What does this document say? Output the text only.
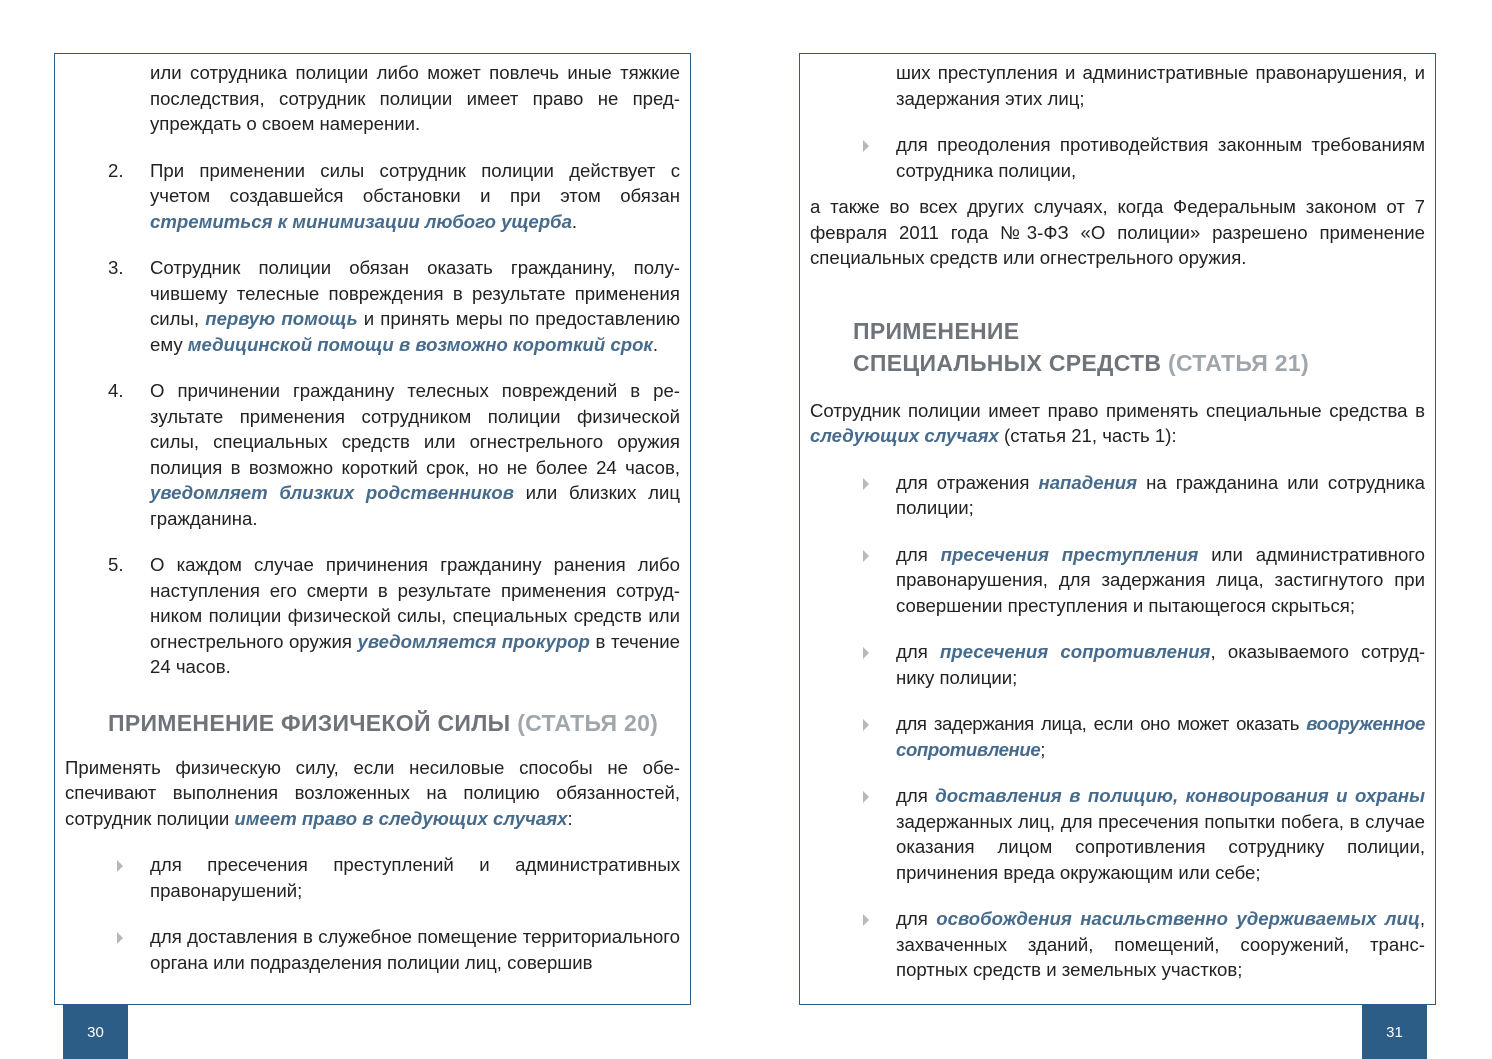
или сотрудника полиции либо может повлечь иные тяжкие последствия, сотрудник полиции имеет право не предупреждать о своем намерении.

2. При применении силы сотрудник полиции действует с учетом создавшейся обстановки и при этом обязан стремиться к минимизации любого ущерба.

3. Сотрудник полиции обязан оказать гражданину, получившему телесные повреждения в результате применения силы, первую помощь и принять меры по предоставлению ему медицинской помощи в возможно короткий срок.

4. О причинении гражданину телесных повреждений в результате применения сотрудником полиции физической силы, специальных средств или огнестрельного оружия полиция в возможно короткий срок, но не более 24 часов, уведомляет близких родственников или близких лиц гражданина.

5. О каждом случае причинения гражданину ранения либо наступления его смерти в результате применения сотрудником полиции физической силы, специальных средств или огнестрельного оружия уведомляется прокурор в течение 24 часов.

ПРИМЕНЕНИЕ ФИЗИЧЕКОЙ СИЛЫ (СТАТЬЯ 20)

Применять физическую силу, если несиловые способы не обеспечивают выполнения возложенных на полицию обязанностей, сотрудник полиции имеет право в следующих случаях:

для пресечения преступлений и административных правонарушений;

для доставления в служебное помещение территориального органа или подразделения полиции лиц, совершив

ших преступления и административные правонарушения, и задержания этих лиц;

для преодоления противодействия законным требованиям сотрудника полиции,

а также во всех других случаях, когда Федеральным законом от 7 февраля 2011 года №3-ФЗ «О полиции» разрешено применение специальных средств или огнестрельного оружия.

ПРИМЕНЕНИЕ
СПЕЦИАЛЬНЫХ СРЕДСТВ (СТАТЬЯ 21)

Сотрудник полиции имеет право применять специальные средства в следующих случаях (статья 21, часть 1):

для отражения нападения на гражданина или сотрудника полиции;

для пресечения преступления или административного правонарушения, для задержания лица, застигнутого при совершении преступления и пытающегося скрыться;

для пресечения сопротивления, оказываемого сотруднику полиции;

для задержания лица, если оно может оказать вооруженное сопротивление;

для доставления в полицию, конвоирования и охраны задержанных лиц, для пресечения попытки побега, в случае оказания лицом сопротивления сотруднику полиции, причинения вреда окружающим или себе;

для освобождения насильственно удерживаемых лиц, захваченных зданий, помещений, сооружений, транспортных средств и земельных участков;

30	31
